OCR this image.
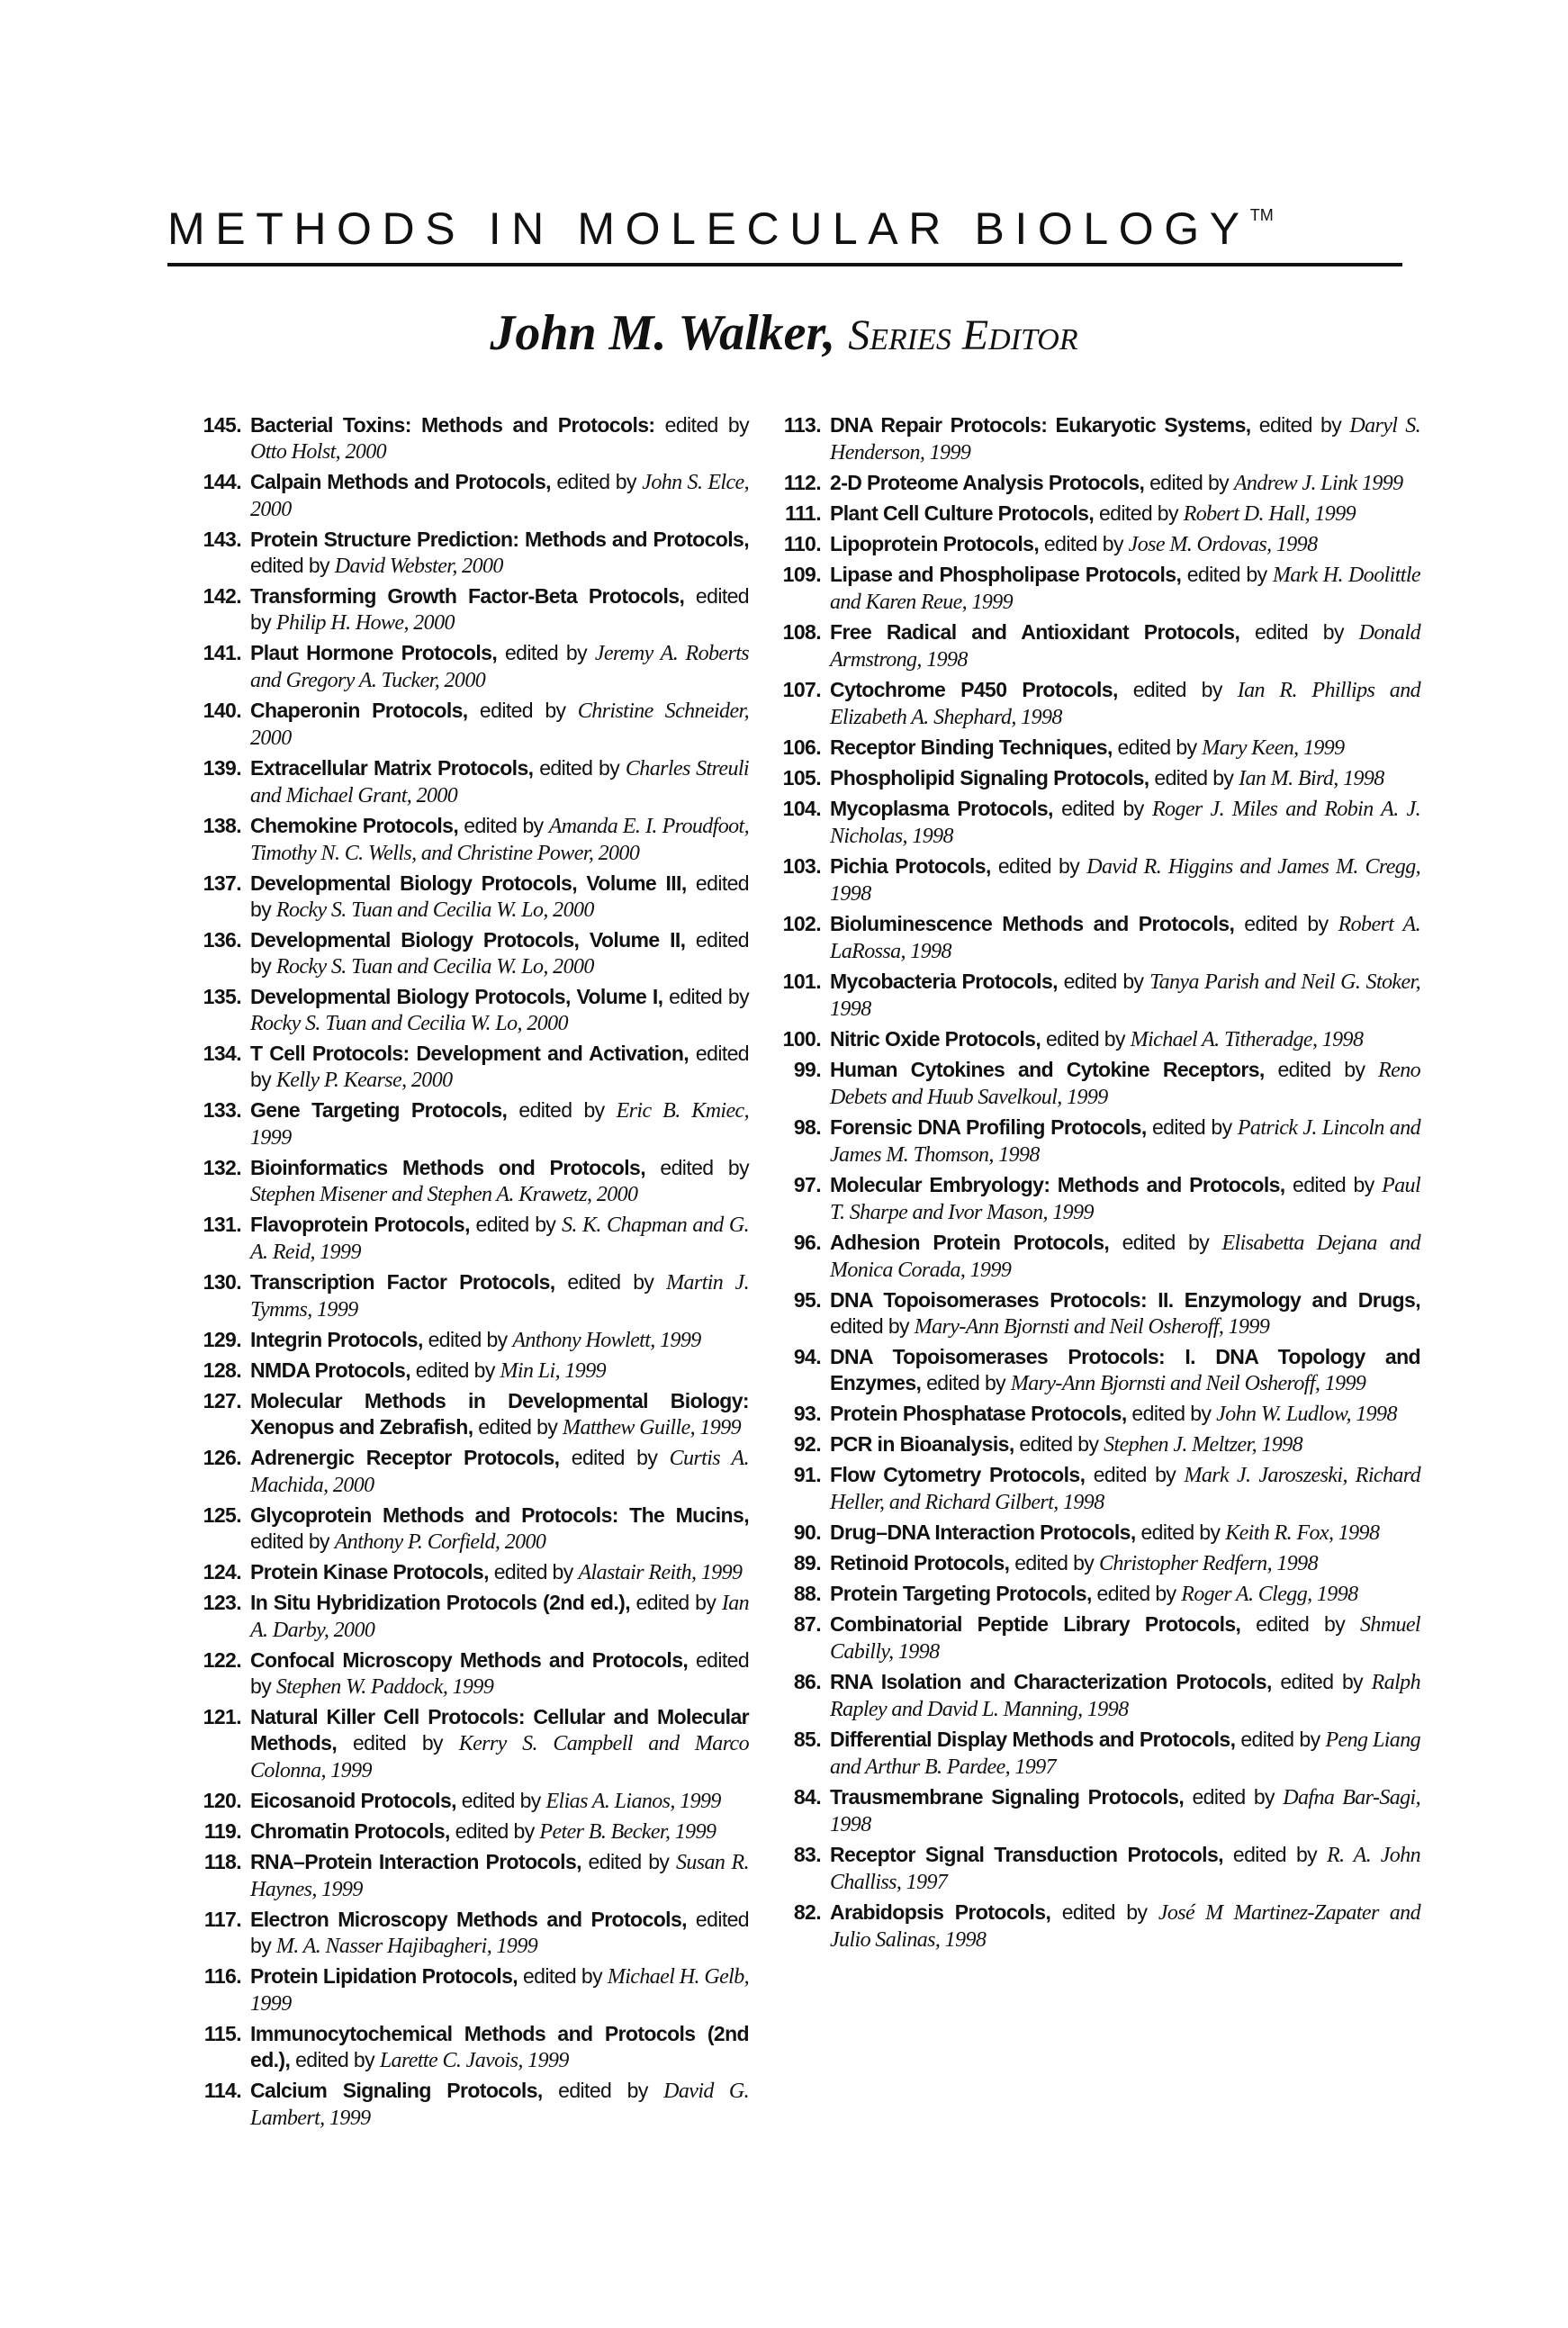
METHODS IN MOLECULAR BIOLOGY™
John M. Walker, Series Editor
145. Bacterial Toxins: Methods and Protocols: edited by Otto Holst, 2000
144. Calpain Methods and Protocols, edited by John S. Elce, 2000
143. Protein Structure Prediction: Methods and Protocols, edited by David Webster, 2000
142. Transforming Growth Factor-Beta Protocols, edited by Philip H. Howe, 2000
141. Plaut Hormone Protocols, edited by Jeremy A. Roberts and Gregory A. Tucker, 2000
140. Chaperonin Protocols, edited by Christine Schneider, 2000
139. Extracellular Matrix Protocols, edited by Charles Streuli and Michael Grant, 2000
138. Chemokine Protocols, edited by Amanda E. I. Proudfoot, Timothy N. C. Wells, and Christine Power, 2000
137. Developmental Biology Protocols, Volume III, edited by Rocky S. Tuan and Cecilia W. Lo, 2000
136. Developmental Biology Protocols, Volume II, edited by Rocky S. Tuan and Cecilia W. Lo, 2000
135. Developmental Biology Protocols, Volume I, edited by Rocky S. Tuan and Cecilia W. Lo, 2000
134. T Cell Protocols: Development and Activation, edited by Kelly P. Kearse, 2000
133. Gene Targeting Protocols, edited by Eric B. Kmiec, 1999
132. Bioinformatics Methods ond Protocols, edited by Stephen Misener and Stephen A. Krawetz, 2000
131. Flavoprotein Protocols, edited by S. K. Chapman and G. A. Reid, 1999
130. Transcription Factor Protocols, edited by Martin J. Tymms, 1999
129. Integrin Protocols, edited by Anthony Howlett, 1999
128. NMDA Protocols, edited by Min Li, 1999
127. Molecular Methods in Developmental Biology: Xenopus and Zebrafish, edited by Matthew Guille, 1999
126. Adrenergic Receptor Protocols, edited by Curtis A. Machida, 2000
125. Glycoprotein Methods and Protocols: The Mucins, edited by Anthony P. Corfield, 2000
124. Protein Kinase Protocols, edited by Alastair Reith, 1999
123. In Situ Hybridization Protocols (2nd ed.), edited by Ian A. Darby, 2000
122. Confocal Microscopy Methods and Protocols, edited by Stephen W. Paddock, 1999
121. Natural Killer Cell Protocols: Cellular and Molecular Methods, edited by Kerry S. Campbell and Marco Colonna, 1999
120. Eicosanoid Protocols, edited by Elias A. Lianos, 1999
119. Chromatin Protocols, edited by Peter B. Becker, 1999
118. RNA–Protein Interaction Protocols, edited by Susan R. Haynes, 1999
117. Electron Microscopy Methods and Protocols, edited by M. A. Nasser Hajibagheri, 1999
116. Protein Lipidation Protocols, edited by Michael H. Gelb, 1999
115. Immunocytochemical Methods and Protocols (2nd ed.), edited by Larette C. Javois, 1999
114. Calcium Signaling Protocols, edited by David G. Lambert, 1999
113. DNA Repair Protocols: Eukaryotic Systems, edited by Daryl S. Henderson, 1999
112. 2-D Proteome Analysis Protocols, edited by Andrew J. Link 1999
111. Plant Cell Culture Protocols, edited by Robert D. Hall, 1999
110. Lipoprotein Protocols, edited by Jose M. Ordovas, 1998
109. Lipase and Phospholipase Protocols, edited by Mark H. Doolittle and Karen Reue, 1999
108. Free Radical and Antioxidant Protocols, edited by Donald Armstrong, 1998
107. Cytochrome P450 Protocols, edited by Ian R. Phillips and Elizabeth A. Shephard, 1998
106. Receptor Binding Techniques, edited by Mary Keen, 1999
105. Phospholipid Signaling Protocols, edited by Ian M. Bird, 1998
104. Mycoplasma Protocols, edited by Roger J. Miles and Robin A. J. Nicholas, 1998
103. Pichia Protocols, edited by David R. Higgins and James M. Cregg, 1998
102. Bioluminescence Methods and Protocols, edited by Robert A. LaRossa, 1998
101. Mycobacteria Protocols, edited by Tanya Parish and Neil G. Stoker, 1998
100. Nitric Oxide Protocols, edited by Michael A. Titheradge, 1998
99. Human Cytokines and Cytokine Receptors, edited by Reno Debets and Huub Savelkoul, 1999
98. Forensic DNA Profiling Protocols, edited by Patrick J. Lincoln and James M. Thomson, 1998
97. Molecular Embryology: Methods and Protocols, edited by Paul T. Sharpe and Ivor Mason, 1999
96. Adhesion Protein Protocols, edited by Elisabetta Dejana and Monica Corada, 1999
95. DNA Topoisomerases Protocols: II. Enzymology and Drugs, edited by Mary-Ann Bjornsti and Neil Osheroff, 1999
94. DNA Topoisomerases Protocols: I. DNA Topology and Enzymes, edited by Mary-Ann Bjornsti and Neil Osheroff, 1999
93. Protein Phosphatase Protocols, edited by John W. Ludlow, 1998
92. PCR in Bioanalysis, edited by Stephen J. Meltzer, 1998
91. Flow Cytometry Protocols, edited by Mark J. Jaroszeski, Richard Heller, and Richard Gilbert, 1998
90. Drug–DNA Interaction Protocols, edited by Keith R. Fox, 1998
89. Retinoid Protocols, edited by Christopher Redfern, 1998
88. Protein Targeting Protocols, edited by Roger A. Clegg, 1998
87. Combinatorial Peptide Library Protocols, edited by Shmuel Cabilly, 1998
86. RNA Isolation and Characterization Protocols, edited by Ralph Rapley and David L. Manning, 1998
85. Differential Display Methods and Protocols, edited by Peng Liang and Arthur B. Pardee, 1997
84. Trausmembrane Signaling Protocols, edited by Dafna Bar-Sagi, 1998
83. Receptor Signal Transduction Protocols, edited by R. A. John Challiss, 1997
82. Arabidopsis Protocols, edited by José M Martinez-Zapater and Julio Salinas, 1998
